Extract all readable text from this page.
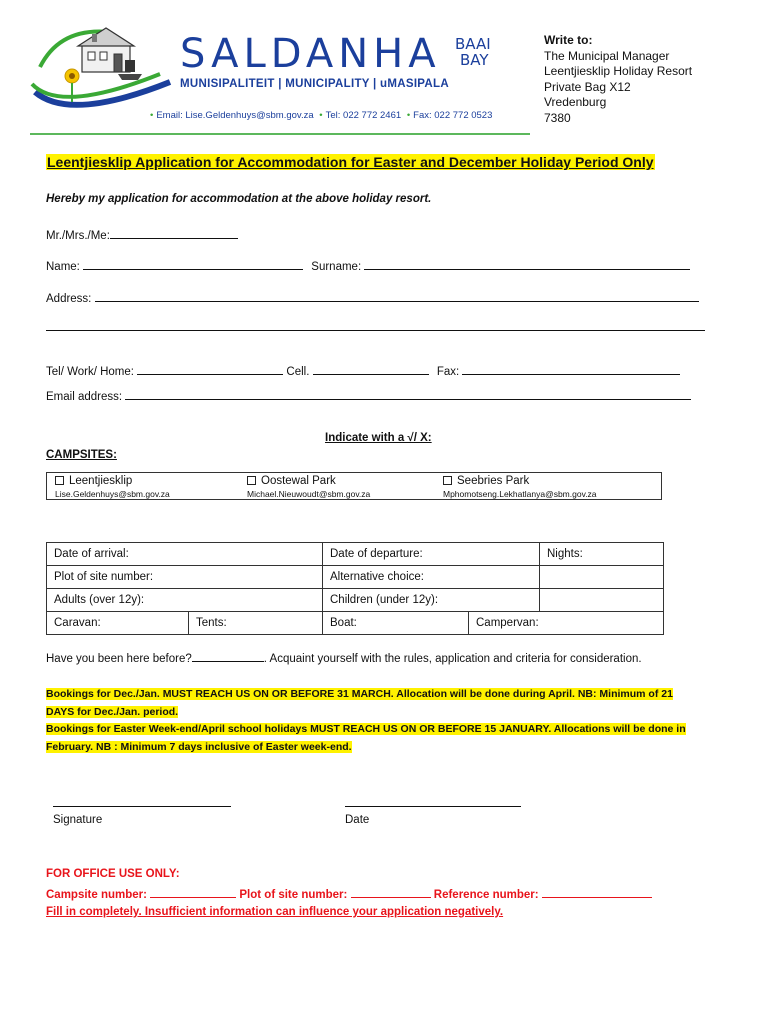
SALDANHA BAAI
BAY
MUNISIPALITEIT | MUNICIPALITY | uMASIPALA
• Email: Lise.Geldenhuys@sbm.gov.za • Tel: 022 772 2461 • Fax: 022 772 0523
Write to:
The Municipal Manager
Leentjiesklip Holiday Resort
Private Bag X12
Vredenburg
7380
Leentjiesklip Application for Accommodation for Easter and December Holiday Period Only
Hereby my application for accommodation at the above holiday resort.
Mr./Mrs./Me:
Name:	Surname:
Address:
Tel/ Work/ Home:	Cell.	Fax:
Email address:
Indicate with a √/ X:
CAMPSITES:
Leentjiesklip
Lise.Geldenhuys@sbm.gov.za
Oostewal Park
Michael.Nieuwoudt@sbm.gov.za
Seebries Park
Mphomotseng.Lekhatlanya@sbm.gov.za
Date of arrival:		Date of departure:		Nights:
Plot of site number:		Alternative choice:		
Adults (over 12y):		Children (under 12y):		
Caravan:	Tents:	Boat:	Campervan:	
Have you been here before?	. Acquaint yourself with the rules, application and criteria for consideration.
Bookings for Dec./Jan. MUST REACH US ON OR BEFORE 31 MARCH. Allocation will be done during April. NB: Minimum of 21
DAYS for Dec./Jan. period.
Bookings for Easter Week-end/April school holidays MUST REACH US ON OR BEFORE 15 JANUARY. Allocations will be done in
February. NB : Minimum 7 days inclusive of Easter week-end.
Signature	Date
FOR OFFICE USE ONLY:
Campsite number:	Plot of site number:	Reference number:
Fill in completely. Insufficient information can influence your application negatively.
